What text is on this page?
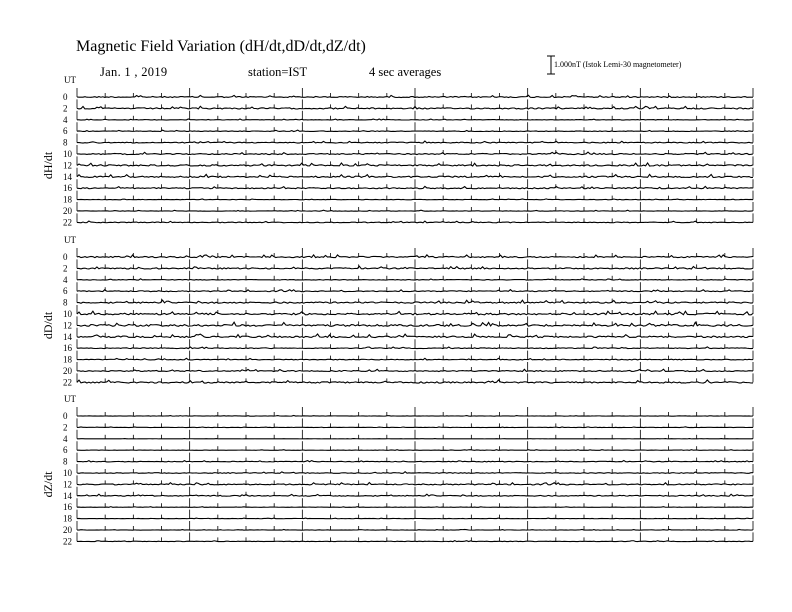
Magnetic Field Variation (dH/dt,dD/dt,dZ/dt)
Jan. 1 , 2019	station=IST	4 sec averages
1.000nT (Istok Lemi-30 magnetometer)
UT
dH/dt
0
2
4
6
8
10
12
14
16
18
20
22
UT
dD/dt
0
2
4
6
8
10
12
14
16
18
20
22
UT
dZ/dt
0
2
4
6
8
10
12
14
16
18
20
22
